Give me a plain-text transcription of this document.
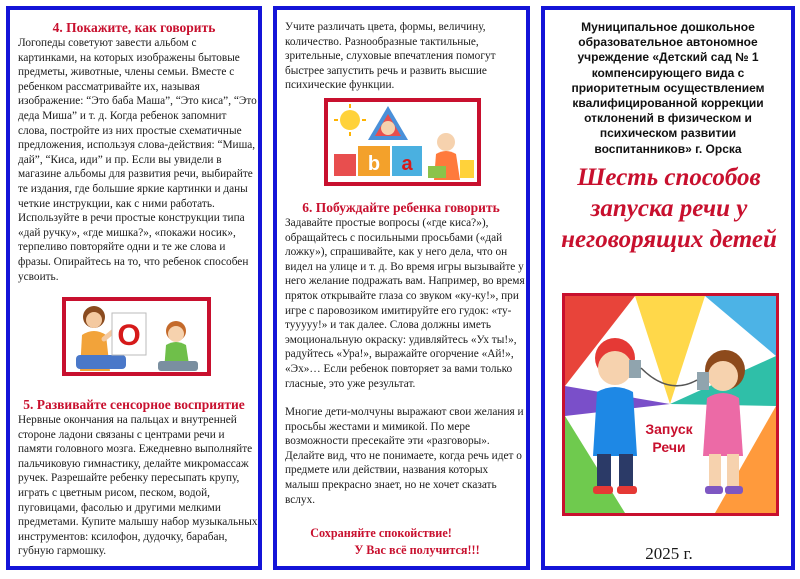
4. Покажите, как говорить
Логопеды советуют завести альбом с картинками, на которых изображены бытовые предметы, животные, члены семьи. Вместе с ребенком рассматривайте их, называя изображение: “Это баба Маша”, “Это киса”, “Это деда Миша” и т. д. Когда ребенок запомнит слова, постройте из них простые схематичные предложения, используя слова-действия: “Миша, дай”, “Киса, иди” и пр. Если вы увидели в магазине альбомы для развития речи, выбирайте те издания, где большие яркие картинки и даны четкие инструкции, как с ними работать. Используйте в речи простые конструкции типа «дай ручку», «где мишка?», «покажи носик», терпеливо повторяйте одни и те же слова и фразы. Опирайтесь на то, что ребенок способен усвоить.
О
5. Развивайте сенсорное восприятие
Нервные окончания на пальцах и внутренней стороне ладони связаны с центрами речи и памяти головного мозга. Ежедневно выполняйте пальчиковую гимнастику, делайте микромассаж ручек. Разрешайте ребенку пересыпать крупу, играть с цветным рисом, песком, водой, пуговицами, фасолью и другими мелкими предметами. Купите малышу набор музыкальных инструментов: ксилофон, дудочку, барабан, губную гармошку.
Учите различать цвета, формы, величину, количество. Разнообразные тактильные, зрительные, слуховые впечатления помогут быстрее запустить речь и развить высшие психические функции.
b a
6. Побуждайте ребенка говорить
Задавайте простые вопросы («где киса?»), обращайтесь с посильными просьбами («дай ложку»), спрашивайте, как у него дела, что он видел на улице и т. д. Во время игры вызывайте у него желание подражать вам. Например, во время пряток открывайте глаза со звуком «ку-ку!», при игре с паровозиком имитируйте его гудок: «ту-тууууу!» и так далее. Слова должны иметь эмоциональную окраску: удивляйтесь «Ух ты!», радуйтесь «Ура!», выражайте огорчение «Ай!», «Эх»… Если ребенок повторяет за вами только гласные, это уже результат.
Многие дети-молчуны выражают свои желания и просьбы жестами и мимикой. По мере возможности пресекайте эти «разговоры». Делайте вид, что не понимаете, когда речь идет о предмете или действии, названия которых малыш прекрасно знает, но не хочет сказать вслух.
Сохраняйте спокойствие!
У Вас всё получится!!!
Муниципальное дошкольное образовательное автономное учреждение «Детский сад № 1 компенсирующего вида с приоритетным осуществлением квалифицированной коррекции отклонений в физическом и психическом развитии воспитанников» г. Орска
Шесть способов запуска речи у неговорящих детей
Запуск
Речи
2025 г.
